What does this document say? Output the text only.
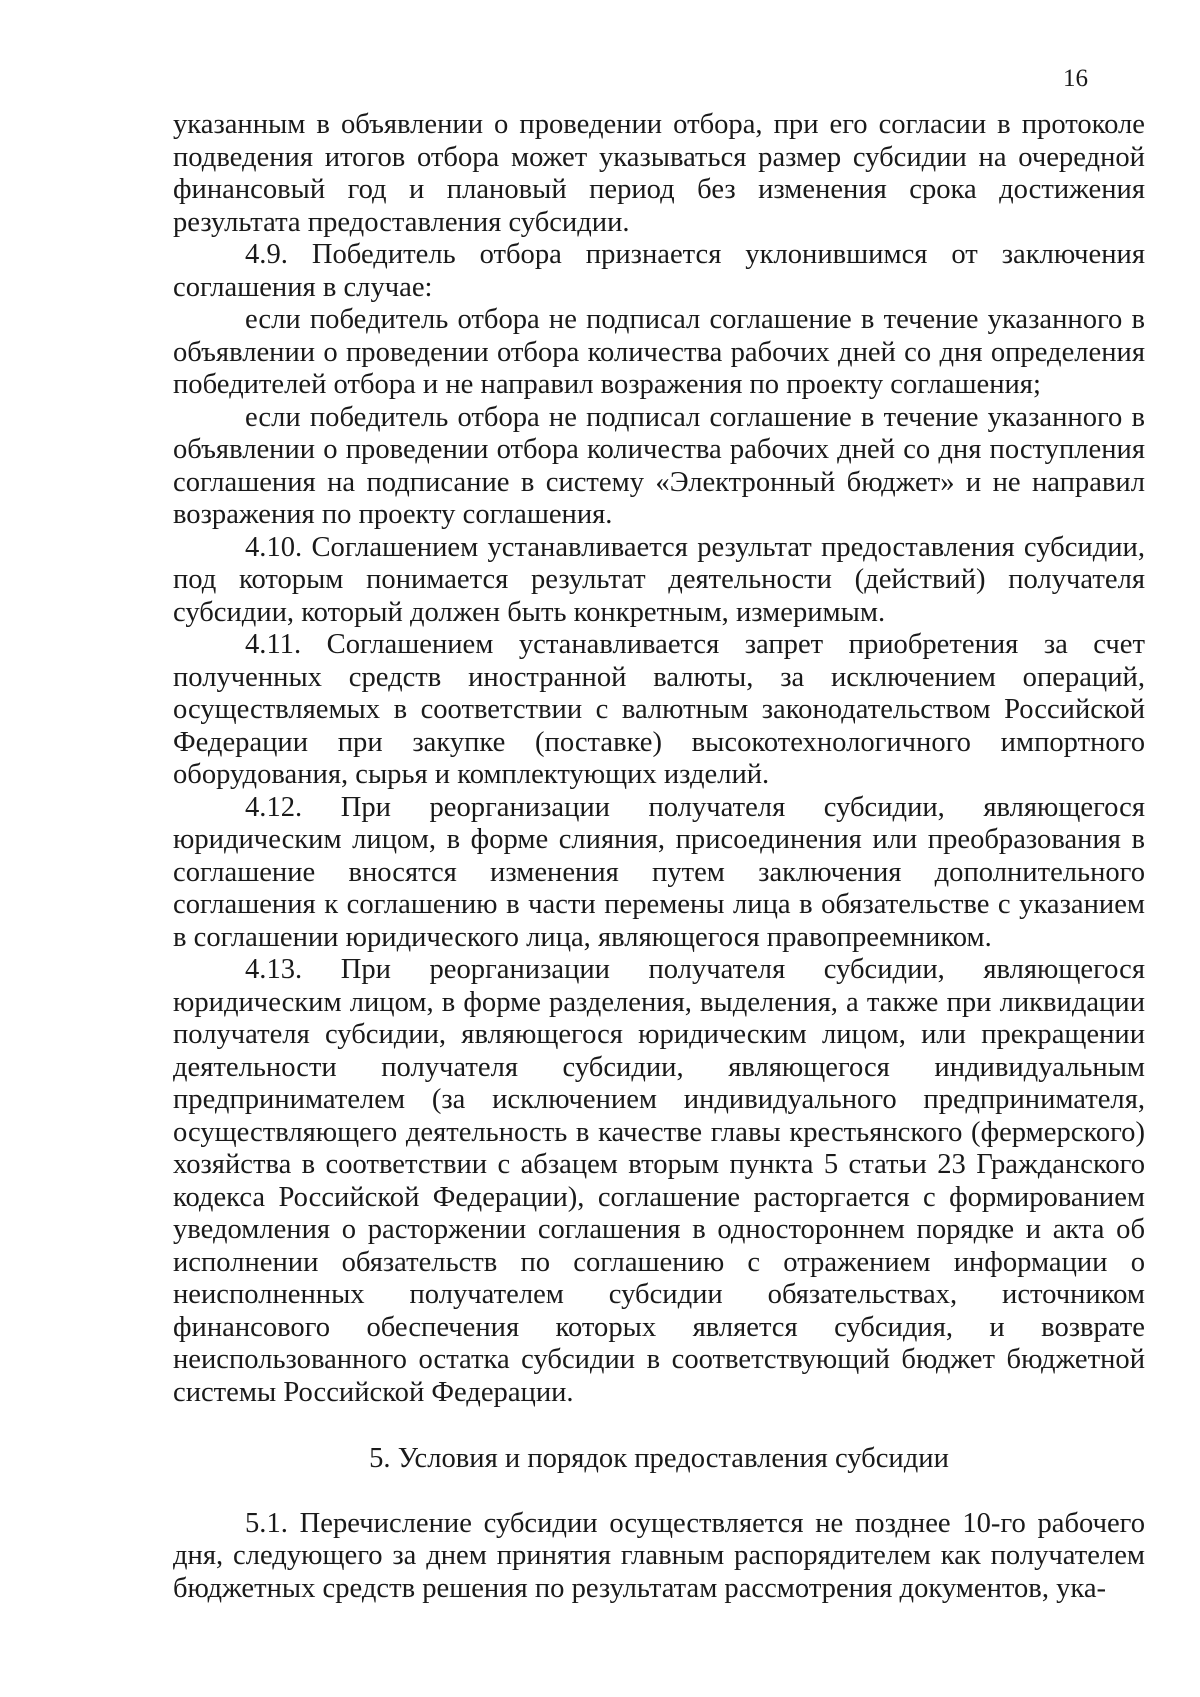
16

указанным в объявлении о проведении отбора, при его согласии в протоколе подведения итогов отбора может указываться размер субсидии на очередной финансовый год и плановый период без изменения срока достижения результата предоставления субсидии.

4.9. Победитель отбора признается уклонившимся от заключения соглашения в случае:

если победитель отбора не подписал соглашение в течение указанного в объявлении о проведении отбора количества рабочих дней со дня определения победителей отбора и не направил возражения по проекту соглашения;

если победитель отбора не подписал соглашение в течение указанного в объявлении о проведении отбора количества рабочих дней со дня поступления соглашения на подписание в систему «Электронный бюджет» и не направил возражения по проекту соглашения.

4.10. Соглашением устанавливается результат предоставления субсидии, под которым понимается результат деятельности (действий) получателя субсидии, который должен быть конкретным, измеримым.

4.11. Соглашением устанавливается запрет приобретения за счет полученных средств иностранной валюты, за исключением операций, осуществляемых в соответствии с валютным законодательством Российской Федерации при закупке (поставке) высокотехнологичного импортного оборудования, сырья и комплектующих изделий.

4.12. При реорганизации получателя субсидии, являющегося юридическим лицом, в форме слияния, присоединения или преобразования в соглашение вносятся изменения путем заключения дополнительного соглашения к соглашению в части перемены лица в обязательстве с указанием в соглашении юридического лица, являющегося правопреемником.

4.13. При реорганизации получателя субсидии, являющегося юридическим лицом, в форме разделения, выделения, а также при ликвидации получателя субсидии, являющегося юридическим лицом, или прекращении деятельности получателя субсидии, являющегося индивидуальным предпринимателем (за исключением индивидуального предпринимателя, осуществляющего деятельность в качестве главы крестьянского (фермерского) хозяйства в соответствии с абзацем вторым пункта 5 статьи 23 Гражданского кодекса Российской Федерации), соглашение расторгается с формированием уведомления о расторжении соглашения в одностороннем порядке и акта об исполнении обязательств по соглашению с отражением информации о неисполненных получателем субсидии обязательствах, источником финансового обеспечения которых является субсидия, и возврате неиспользованного остатка субсидии в соответствующий бюджет бюджетной системы Российской Федерации.

5. Условия и порядок предоставления субсидии

5.1. Перечисление субсидии осуществляется не позднее 10-го рабочего дня, следующего за днем принятия главным распорядителем как получателем бюджетных средств решения по результатам рассмотрения документов, ука-
